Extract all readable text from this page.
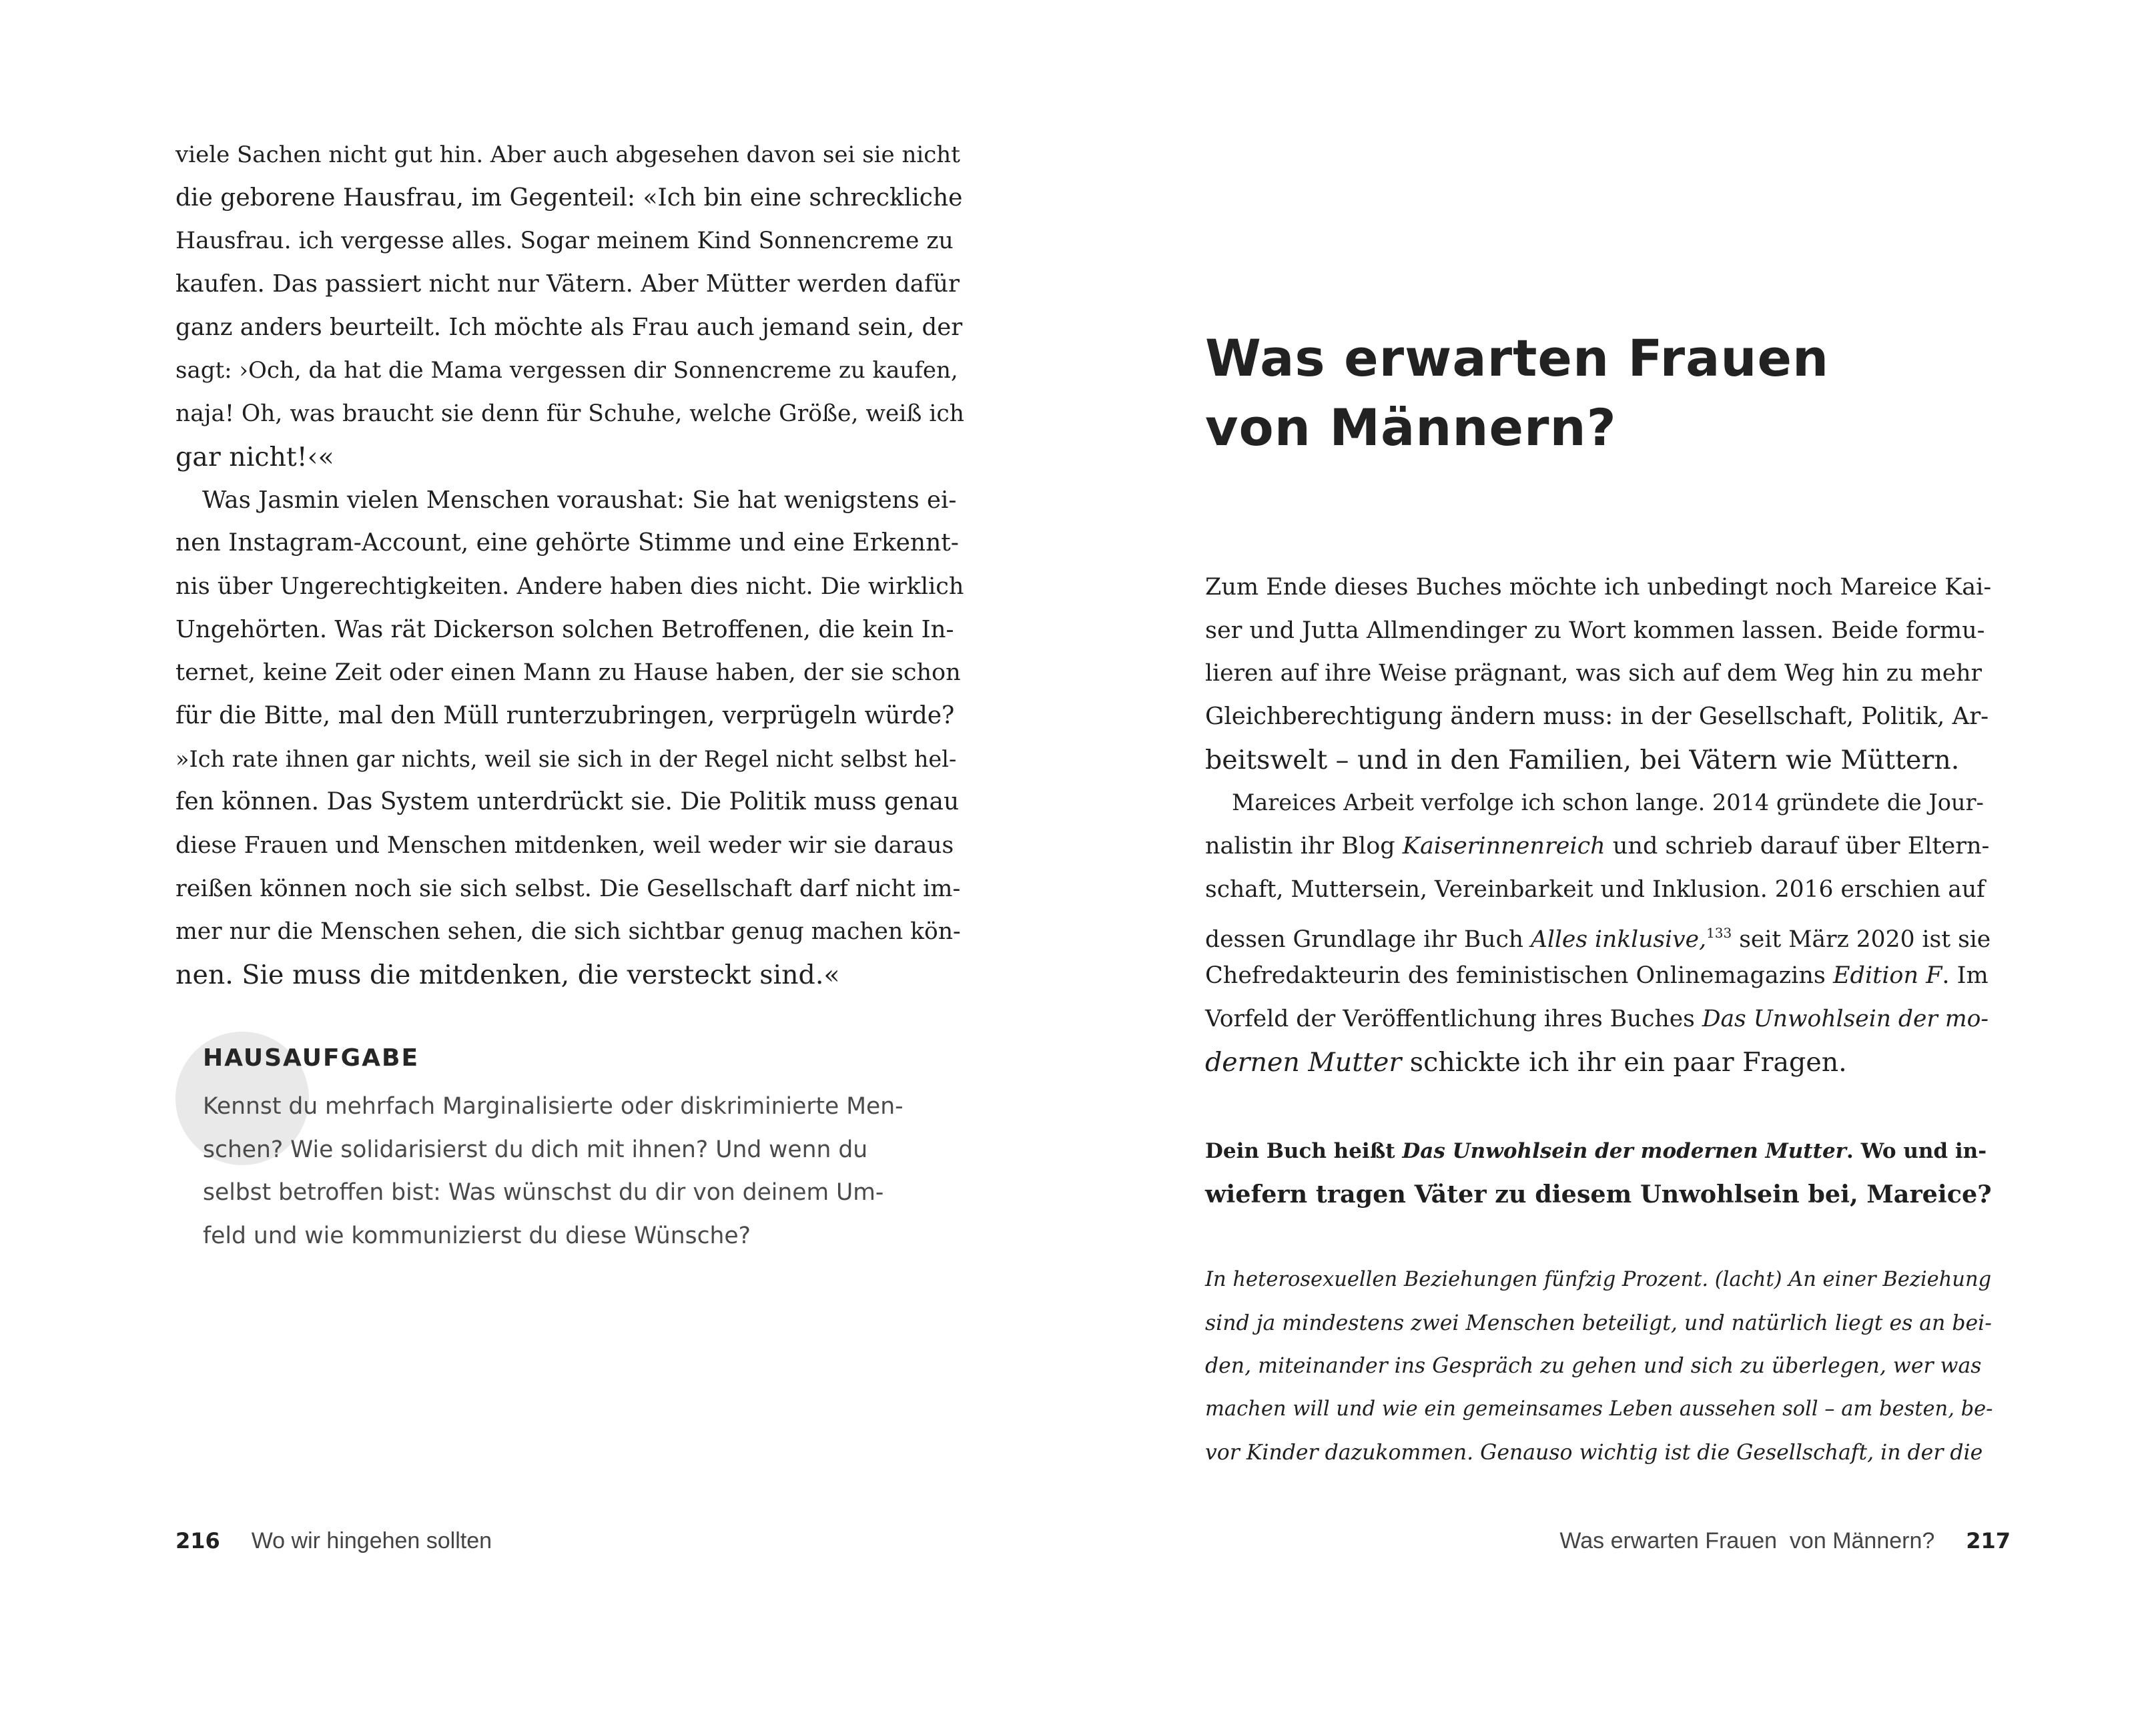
viele Sachen nicht gut hin. Aber auch abgesehen davon sei sie nicht
die geborene Hausfrau, im Gegenteil: «Ich bin eine schreckliche
Hausfrau. ich vergesse alles. Sogar meinem Kind Sonnencreme zu
kaufen. Das passiert nicht nur Vätern. Aber Mütter werden dafür
ganz anders beurteilt. Ich möchte als Frau auch jemand sein, der
sagt: ›Och, da hat die Mama vergessen dir Sonnencreme zu kaufen,
naja! Oh, was braucht sie denn für Schuhe, welche Größe, weiß ich
gar nicht!‹«
Was Jasmin vielen Menschen voraushat: Sie hat wenigstens ei-
nen Instagram-Account, eine gehörte Stimme und eine Erkennt-
nis über Ungerechtigkeiten. Andere haben dies nicht. Die wirklich
Ungehörten. Was rät Dickerson solchen Betroffenen, die kein In-
ternet, keine Zeit oder einen Mann zu Hause haben, der sie schon
für die Bitte, mal den Müll runterzubringen, verprügeln würde?
»Ich rate ihnen gar nichts, weil sie sich in der Regel nicht selbst hel-
fen können. Das System unterdrückt sie. Die Politik muss genau
diese Frauen und Menschen mitdenken, weil weder wir sie daraus
reißen können noch sie sich selbst. Die Gesellschaft darf nicht im-
mer nur die Menschen sehen, die sich sichtbar genug machen kön-
nen. Sie muss die mitdenken, die versteckt sind.«
HAUSAUFGABE
Kennst du mehrfach Marginalisierte oder diskriminierte Men-
schen? Wie solidarisierst du dich mit ihnen? Und wenn du
selbst betroffen bist: Was wünschst du dir von deinem Um-
feld und wie kommunizierst du diese Wünsche?
216 Wo wir hingehen sollten
Was erwarten Frauen
von Männern?
Zum Ende dieses Buches möchte ich unbedingt noch Mareice Kai-
ser und Jutta Allmendinger zu Wort kommen lassen. Beide formu-
lieren auf ihre Weise prägnant, was sich auf dem Weg hin zu mehr
Gleichberechtigung ändern muss: in der Gesellschaft, Politik, Ar-
beitswelt – und in den Familien, bei Vätern wie Müttern.
Mareices Arbeit verfolge ich schon lange. 2014 gründete die Jour-
nalistin ihr Blog Kaiserinnenreich und schrieb darauf über Eltern-
schaft, Muttersein, Vereinbarkeit und Inklusion. 2016 erschien auf
dessen Grundlage ihr Buch Alles inklusive,$^{133}$ seit März 2020 ist sie
Chefredakteurin des feministischen Onlinemagazins Edition F. Im
Vorfeld der Veröffentlichung ihres Buches Das Unwohlsein der mo-
dernen Mutter schickte ich ihr ein paar Fragen.
Dein Buch heißt Das Unwohlsein der modernen Mutter. Wo und in-
wiefern tragen Väter zu diesem Unwohlsein bei, Mareice?
In heterosexuellen Beziehungen fünfzig Prozent. (lacht) An einer Beziehung
sind ja mindestens zwei Menschen beteiligt, und natürlich liegt es an bei-
den, miteinander ins Gespräch zu gehen und sich zu überlegen, wer was
machen will und wie ein gemeinsames Leben aussehen soll – am besten, be-
vor Kinder dazukommen. Genauso wichtig ist die Gesellschaft, in der die
Was erwarten Frauen  von Männern? 217
